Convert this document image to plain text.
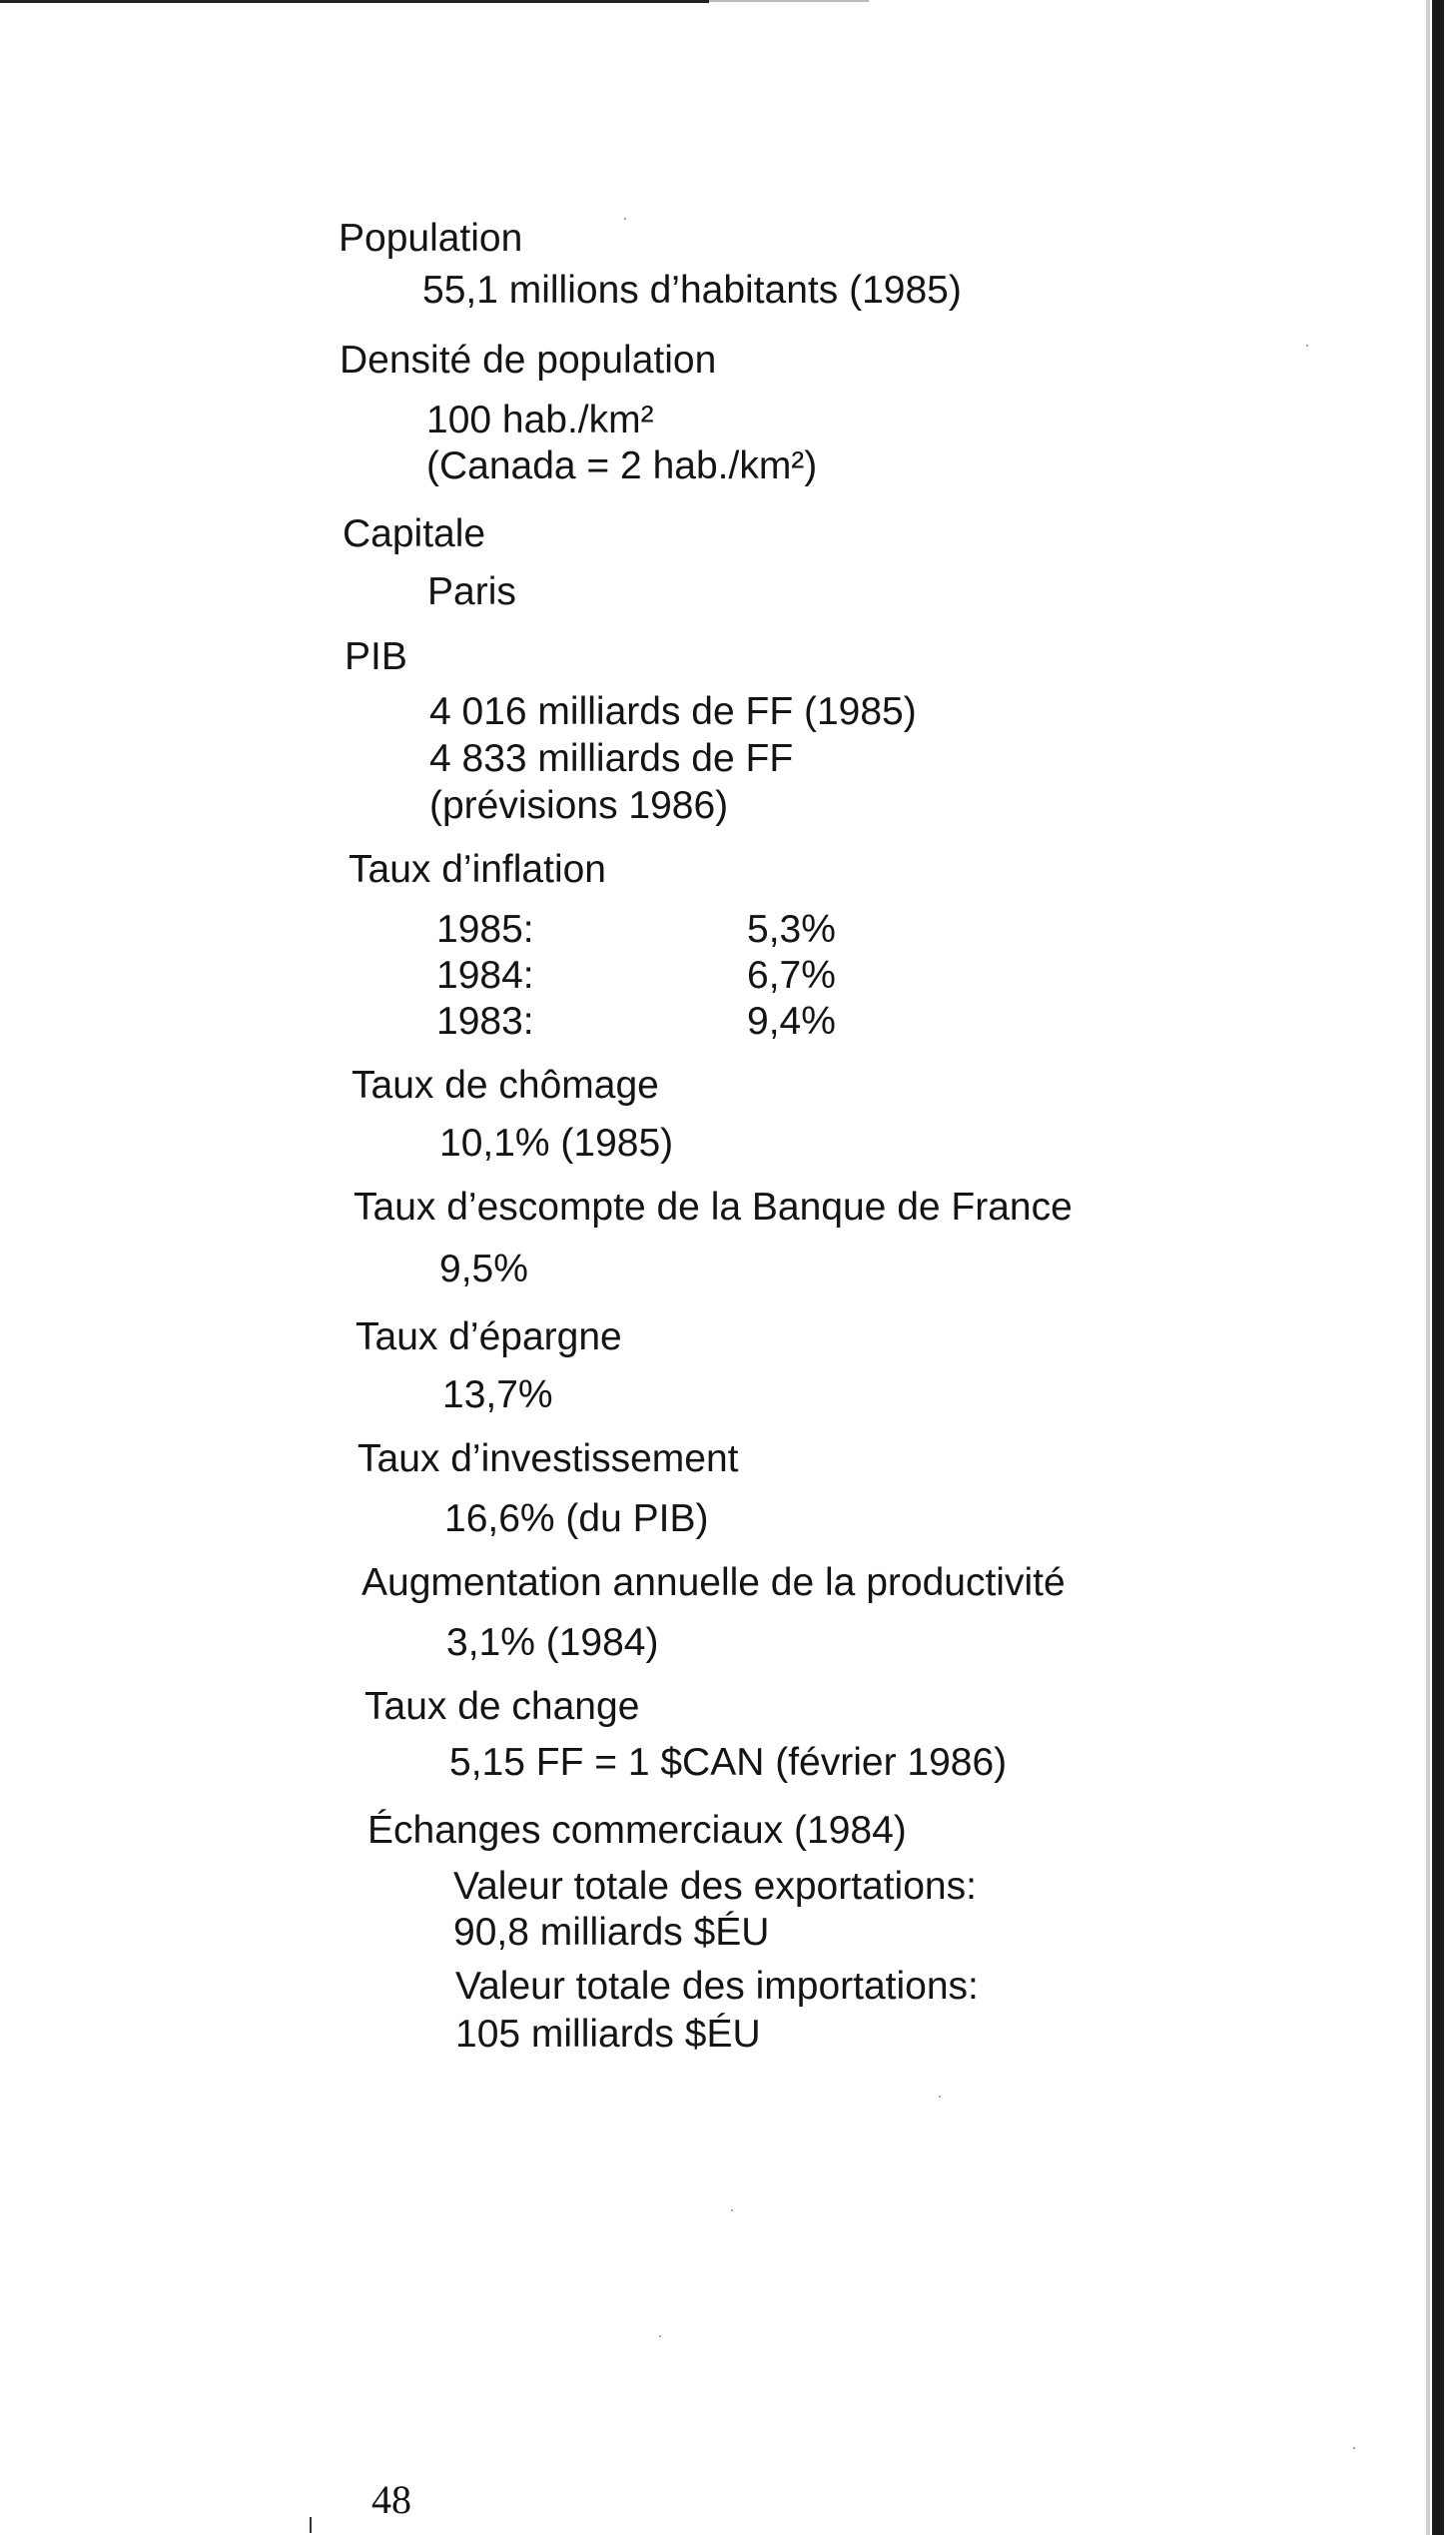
Population
55,1 millions d’habitants (1985)
Densité de population
100 hab./km²
(Canada = 2 hab./km²)
Capitale
Paris
PIB
4 016 milliards de FF (1985)
4 833 milliards de FF
(prévisions 1986)
Taux d’inflation
1985:	5,3%
1984:	6,7%
1983:	9,4%
Taux de chômage
10,1% (1985)
Taux d’escompte de la Banque de France
9,5%
Taux d’épargne
13,7%
Taux d’investissement
16,6% (du PIB)
Augmentation annuelle de la productivité
3,1% (1984)
Taux de change
5,15 FF = 1 $CAN (février 1986)
Échanges commerciaux (1984)
Valeur totale des exportations:
90,8 milliards $ÉU
Valeur totale des importations:
105 milliards $ÉU
48
